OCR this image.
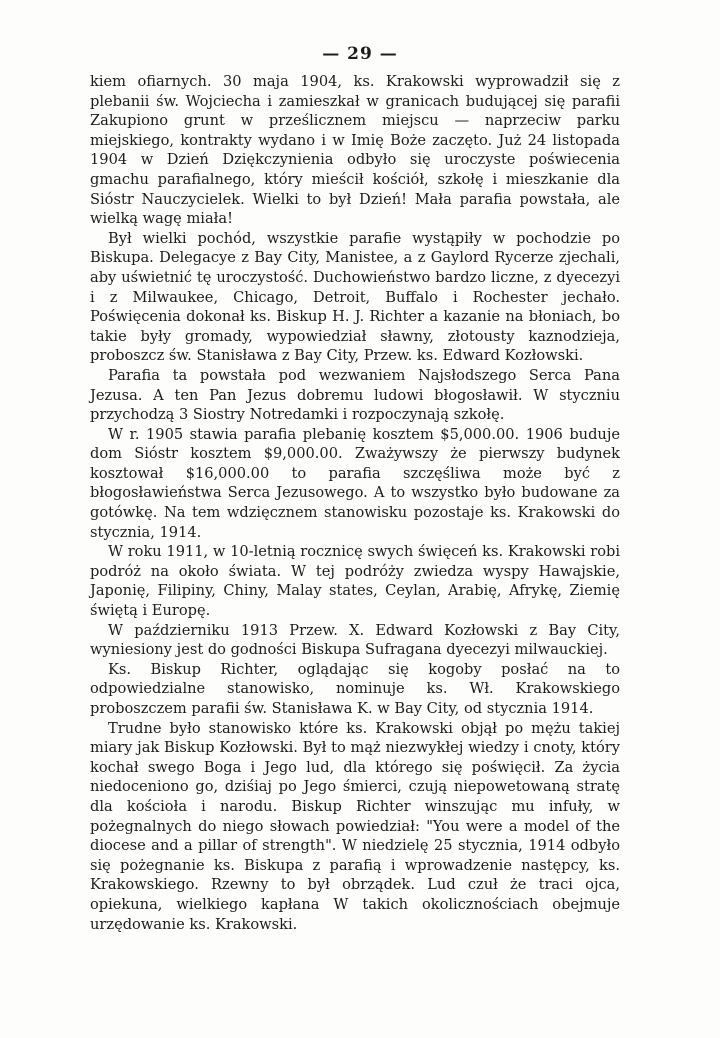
— 29 —

kiem ofiarnych. 30 maja 1904, ks. Krakowski wyprowadził się z plebanii św. Wojciecha i zamieszkał w granicach budującej się parafii Zakupiono grunt w prześlicznem miejscu — naprzeciw parku miejskiego, kontrakty wydano i w Imię Boże zaczęto. Już 24 listopada 1904 w Dzień Dziękczynienia odbyło się uroczyste poświecenia gmachu parafialnego, który mieścił kościół, szkołę i mieszkanie dla Sióstr Nauczycielek. Wielki to był Dzień! Mała parafia powstała, ale wielką wagę miała!

Był wielki pochód, wszystkie parafie wystąpiły w pochodzie po Biskupa. Delegacye z Bay City, Manistee, a z Gaylord Rycerze zjechali, aby uświetnić tę uroczystość. Duchowieństwo bardzo liczne, z dyecezyi i z Milwaukee, Chicago, Detroit, Buffalo i Rochester jechało. Poświęcenia dokonał ks. Biskup H. J. Richter a kazanie na błoniach, bo takie były gromady, wypowiedział sławny, złotousty kaznodzieja, proboszcz św. Stanisława z Bay City, Przew. ks. Edward Kozłowski.

Parafia ta powstała pod wezwaniem Najsłodszego Serca Pana Jezusa. A ten Pan Jezus dobremu ludowi błogosławił. W styczniu przychodzą 3 Siostry Notredamki i rozpoczynają szkołę.

W r. 1905 stawia parafia plebanię kosztem $5,000.00. 1906 buduje dom Sióstr kosztem $9,000.00. Zważywszy że pierwszy budynek kosztował $16,000.00 to parafia szczęśliwa może być z błogosławieństwa Serca Jezusowego. A to wszystko było budowane za gotówkę. Na tem wdzięcznem stanowisku pozostaje ks. Krakowski do stycznia, 1914.

W roku 1911, w 10-letnią rocznicę swych święceń ks. Krakowski robi podróż na około świata. W tej podróży zwiedza wyspy Hawajskie, Japonię, Filipiny, Chiny, Malay states, Ceylan, Arabię, Afrykę, Ziemię świętą i Europę.

W październiku 1913 Przew. X. Edward Kozłowski z Bay City, wyniesiony jest do godności Biskupa Sufragana dyecezyi milwauckiej.

Ks. Biskup Richter, oglądając się kogoby posłać na to odpowiedzialne stanowisko, nominuje ks. Wł. Krakowskiego proboszczem parafii św. Stanisława K. w Bay City, od stycznia 1914.

Trudne było stanowisko które ks. Krakowski objął po mężu takiej miary jak Biskup Kozłowski. Był to mąż niezwykłej wiedzy i cnoty, który kochał swego Boga i Jego lud, dla którego się poświęcił. Za życia niedoceniono go, dziśiaj po Jego śmierci, czują niepowetowaną stratę dla kościoła i narodu. Biskup Richter winszując mu infuły, w pożegnalnych do niego słowach powiedział: "You were a model of the diocese and a pillar of strength". W niedzielę 25 stycznia, 1914 odbyło się pożegnanie ks. Biskupa z parafią i wprowadzenie następcy, ks. Krakowskiego. Rzewny to był obrządek. Lud czuł że traci ojca, opiekuna, wielkiego kapłana W takich okolicznościach obejmuje urzędowanie ks. Krakowski.
